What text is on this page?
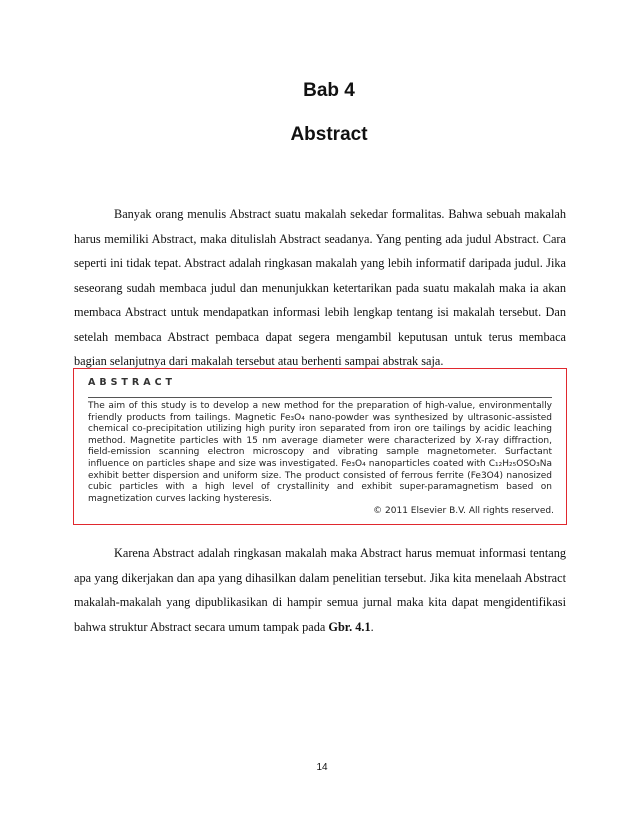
Bab 4
Abstract

Banyak orang menulis Abstract suatu makalah sekedar formalitas. Bahwa sebuah makalah harus memiliki Abstract, maka ditulislah Abstract seadanya. Yang penting ada judul Abstract. Cara seperti ini tidak tepat. Abstract adalah ringkasan makalah yang lebih informatif daripada judul. Jika seseorang sudah membaca judul dan menunjukkan ketertarikan pada suatu makalah maka ia akan membaca Abstract untuk mendapatkan informasi lebih lengkap tentang isi makalah tersebut. Dan setelah membaca Abstract pembaca dapat segera mengambil keputusan untuk terus membaca bagian selanjutnya dari makalah tersebut atau berhenti sampai abstrak saja.

ABSTRACT

The aim of this study is to develop a new method for the preparation of high-value, environmentally friendly products from tailings. Magnetic Fe₃O₄ nano-powder was synthesized by ultrasonic-assisted chemical co-precipitation utilizing high purity iron separated from iron ore tailings by acidic leaching method. Magnetite particles with 15 nm average diameter were characterized by X-ray diffraction, field-emission scanning electron microscopy and vibrating sample magnetometer. Surfactant influence on particles shape and size was investigated. Fe₃O₄ nanoparticles coated with C₁₂H₂₅OSO₃Na exhibit better dispersion and uniform size. The product consisted of ferrous ferrite (Fe3O4) nanosized cubic particles with a high level of crystallinity and exhibit super-paramagnetism based on magnetization curves lacking hysteresis.

© 2011 Elsevier B.V. All rights reserved.

Karena Abstract adalah ringkasan makalah maka Abstract harus memuat informasi tentang apa yang dikerjakan dan apa yang dihasilkan dalam penelitian tersebut. Jika kita menelaah Abstract makalah-makalah yang dipublikasikan di hampir semua jurnal maka kita dapat mengidentifikasi bahwa struktur Abstract secara umum tampak pada Gbr. 4.1.

14
